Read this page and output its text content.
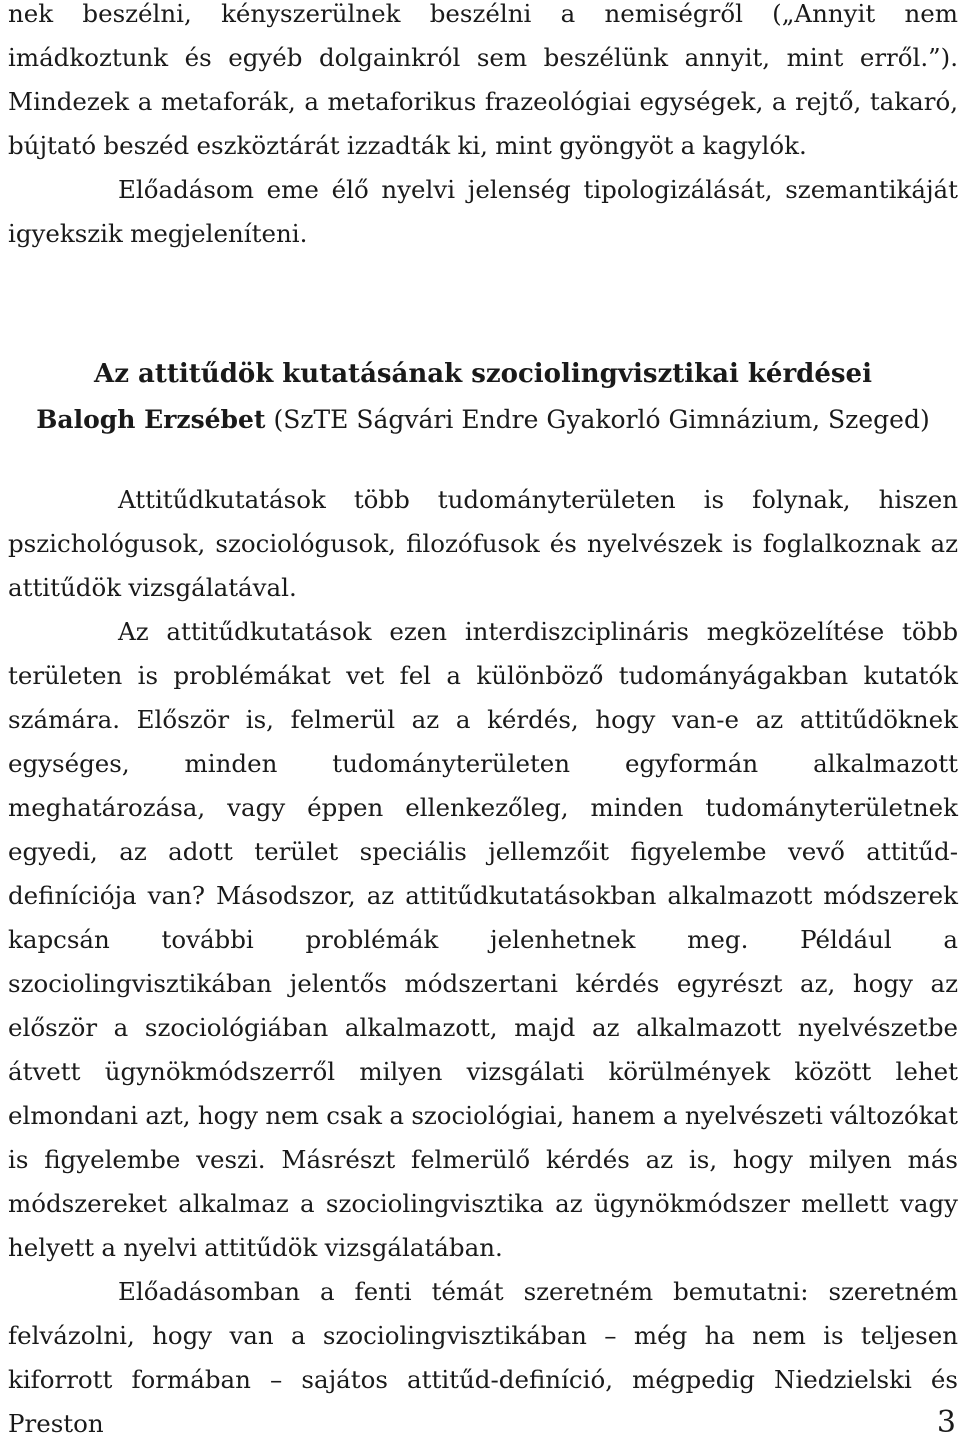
nek beszélni, kényszerülnek beszélni a nemiségről („Annyit nem imádkoztunk és egyéb dolgainkról sem beszélünk annyit, mint erről.”). Mindezek a metaforák, a metaforikus frazeológiai egységek, a rejtő, takaró, bújtató beszéd eszköztárát izzadták ki, mint gyöngyöt a kagylók.

Előadásom eme élő nyelvi jelenség tipologizálását, szemantikáját igyekszik megjeleníteni.

Az attitűdök kutatásának szociolingvisztikai kérdései

Balogh Erzsébet (SzTE Ságvári Endre Gyakorló Gimnázium, Szeged)

Attitűdkutatások több tudományterületen is folynak, hiszen pszichológusok, szociológusok, filozófusok és nyelvészek is foglalkoznak az attitűdök vizsgálatával.

Az attitűdkutatások ezen interdiszciplináris megközelítése több területen is problémákat vet fel a különböző tudományágakban kutatók számára. Először is, felmerül az a kérdés, hogy van-e az attitűdöknek egységes, minden tudományterületen egyformán alkalmazott meghatározása, vagy éppen ellenkezőleg, minden tudományterületnek egyedi, az adott terület speciális jellemzőit figyelembe vevő attitűd-definíciója van? Másodszor, az attitűdkutatásokban alkalmazott módszerek kapcsán további problémák jelenhetnek meg. Például a szociolingvisztikában jelentős módszertani kérdés egyrészt az, hogy az először a szociológiában alkalmazott, majd az alkalmazott nyelvészetbe átvett ügynökmódszerről milyen vizsgálati körülmények között lehet elmondani azt, hogy nem csak a szociológiai, hanem a nyelvészeti változókat is figyelembe veszi. Másrészt felmerülő kérdés az is, hogy milyen más módszereket alkalmaz a szociolingvisztika az ügynökmódszer mellett vagy helyett a nyelvi attitűdök vizsgálatában.

Előadásomban a fenti témát szeretném bemutatni: szeretném felvázolni, hogy van a szociolingvisztikában – még ha nem is teljesen kiforrott formában – sajátos attitűd-definíció, mégpedig Niedzielski és Preston	3
